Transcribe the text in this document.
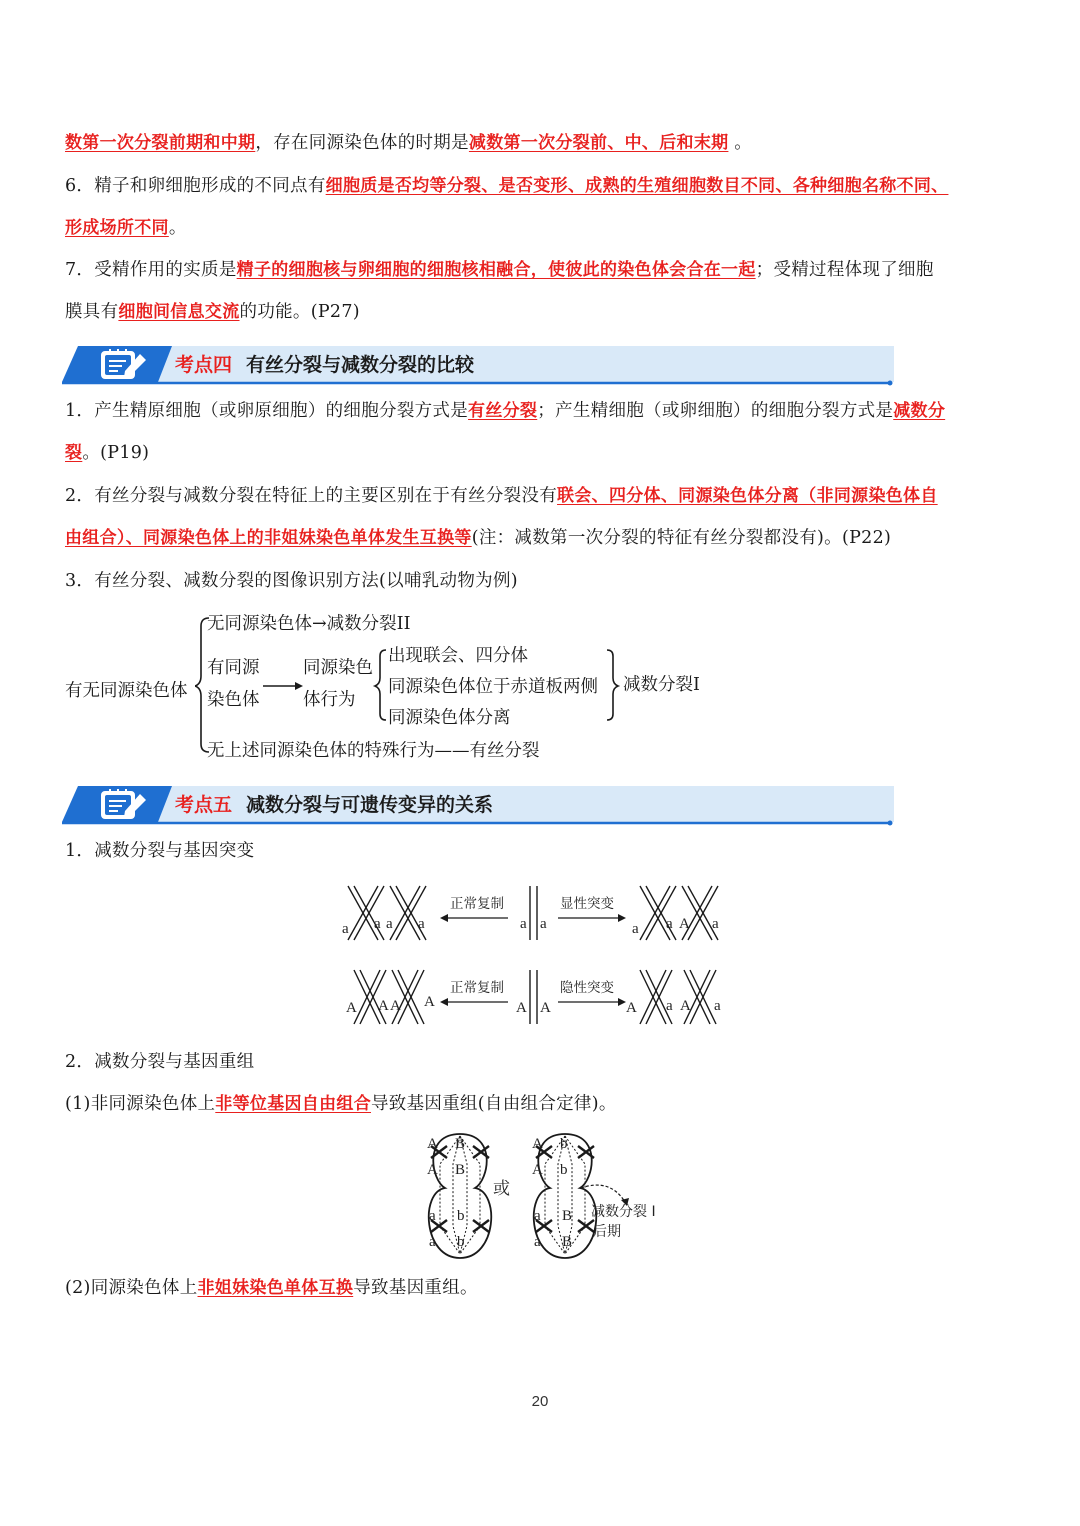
数第一次分裂前期和中期，存在同源染色体的时期是减数第一次分裂前、中、后和末期 。
6．精子和卵细胞形成的不同点有细胞质是否均等分裂、是否变形、成熟的生殖细胞数目不同、各种细胞名称不同、
形成场所不同。
7．受精作用的实质是精子的细胞核与卵细胞的细胞核相融合，使彼此的染色体会合在一起；受精过程体现了细胞
膜具有细胞间信息交流的功能。(P27)
考点四 有丝分裂与减数分裂的比较
1．产生精原细胞（或卵原细胞）的细胞分裂方式是有丝分裂；产生精细胞（或卵细胞）的细胞分裂方式是减数分
裂。(P19)
2．有丝分裂与减数分裂在特征上的主要区别在于有丝分裂没有联会、四分体、同源染色体分离（非同源染色体自
由组合）、同源染色体上的非姐妹染色单体发生互换等(注：减数第一次分裂的特征有丝分裂都没有)。(P22)
3．有丝分裂、减数分裂的图像识别方法(以哺乳动物为例)
有无同源染色体
无同源染色体→减数分裂II
有同源
染色体
同源染色
体行为
出现联会、四分体
同源染色体位于赤道板两侧
同源染色体分离
减数分裂I
无上述同源染色体的特殊行为——有丝分裂
考点五 减数分裂与可遗传变异的关系
1．减数分裂与基因突变
a a a a
正常复制
a a
显性突变
a a A a
A A A A
正常复制
A A
隐性突变
A a A a
2．减数分裂与基因重组
(1)非同源染色体上非等位基因自由组合导致基因重组(自由组合定律)。
A B
A B
a b
a b
或
A b
A b
a B
a B
减数分裂 I
后期
(2)同源染色体上非姐妹染色单体互换导致基因重组。
20
